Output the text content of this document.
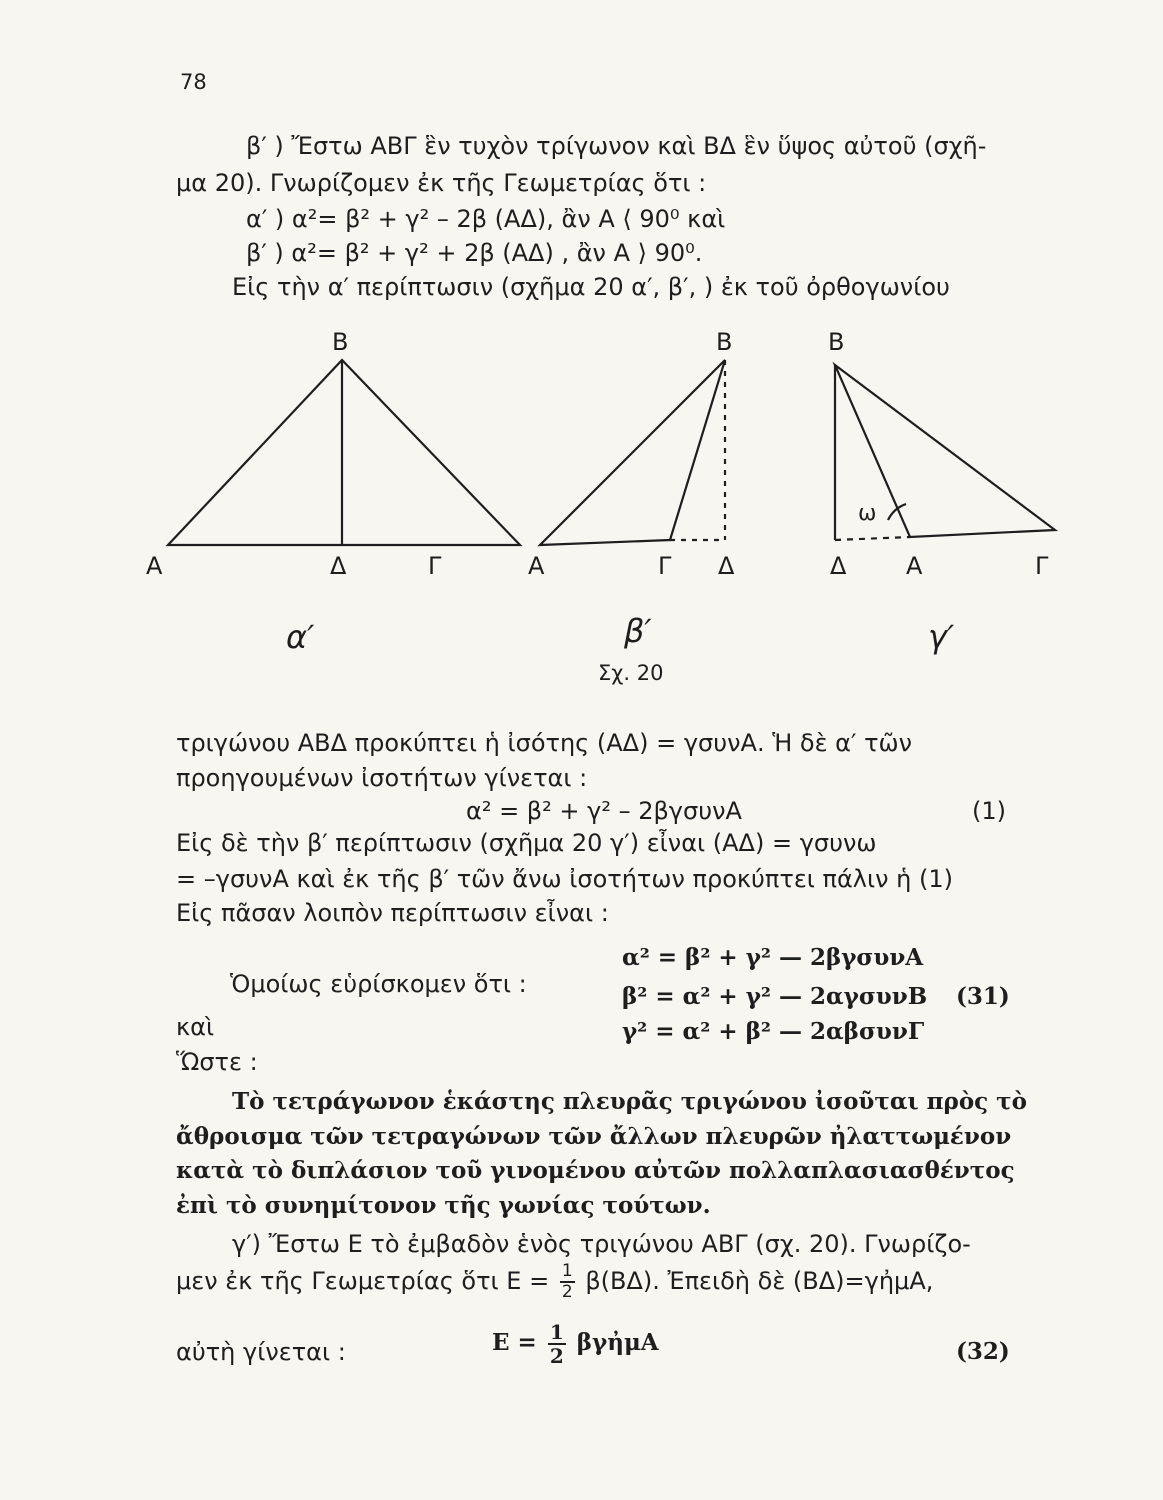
78
β′ ) Ἔστω ΑΒΓ ἓν τυχὸν τρίγωνον καὶ ΒΔ ἓν ὕψος αὐτοῦ (σχῆ-
μα 20). Γνωρίζομεν ἐκ τῆς Γεωμετρίας ὅτι :
α′ ) α²= β² + γ² – 2β (ΑΔ), ἂν Α ⟨ 90⁰ καὶ
β′ ) α²= β² + γ² + 2β (ΑΔ) , ἂν Α ⟩ 90⁰.
Εἰς τὴν α′ περίπτωσιν (σχῆμα 20 α′, β′, ) ἐκ τοῦ ὀρθογωνίου
Β
Α	Δ	Γ
Β
Α	Γ Δ
Β
Δ Α	Γ
ω
α′	β′	γ′
Σχ. 20
τριγώνου ΑΒΔ προκύπτει ἡ ἰσότης (ΑΔ) = γσυνΑ. Ἡ δὲ α′ τῶν
προηγουμένων ἰσοτήτων γίνεται :
α² = β² + γ² – 2βγσυνΑ	(1)
Εἰς δὲ τὴν β′ περίπτωσιν (σχῆμα 20 γ′) εἶναι (ΑΔ) = γσυνω
= –γσυνΑ καὶ ἐκ τῆς β′ τῶν ἄνω ἰσοτήτων προκύπτει πάλιν ἡ (1)
Εἰς πᾶσαν λοιπὸν περίπτωσιν εἶναι :
Ὁμοίως εὑρίσκομεν ὅτι :
καὶ
α² = β² + γ² — 2βγσυνΑ
β² = α² + γ² — 2αγσυνΒ
γ² = α² + β² — 2αβσυνΓ
(31)
Ὥστε :
Τὸ τετράγωνον ἑκάστης πλευρᾶς τριγώνου ἰσοῦται πρὸς τὸ
ἄθροισμα τῶν τετραγώνων τῶν ἄλλων πλευρῶν ἠλαττωμένον
κατὰ τὸ διπλάσιον τοῦ γινομένου αὐτῶν πολλαπλασιασθέντος
ἐπὶ τὸ συνημίτονον τῆς γωνίας τούτων.
γ′) Ἔστω Ε τὸ ἐμβαδὸν ἑνὸς τριγώνου ΑΒΓ (σχ. 20). Γνωρίζο-
μεν ἐκ τῆς Γεωμετρίας ὅτι $E = \frac{1}{2} \beta(B\Delta)$. Ἐπειδὴ δὲ (ΒΔ)=γἠμΑ,
αὐτὴ γίνεται :	$E = \frac{1}{2}$ βγἠμΑ	(32)
